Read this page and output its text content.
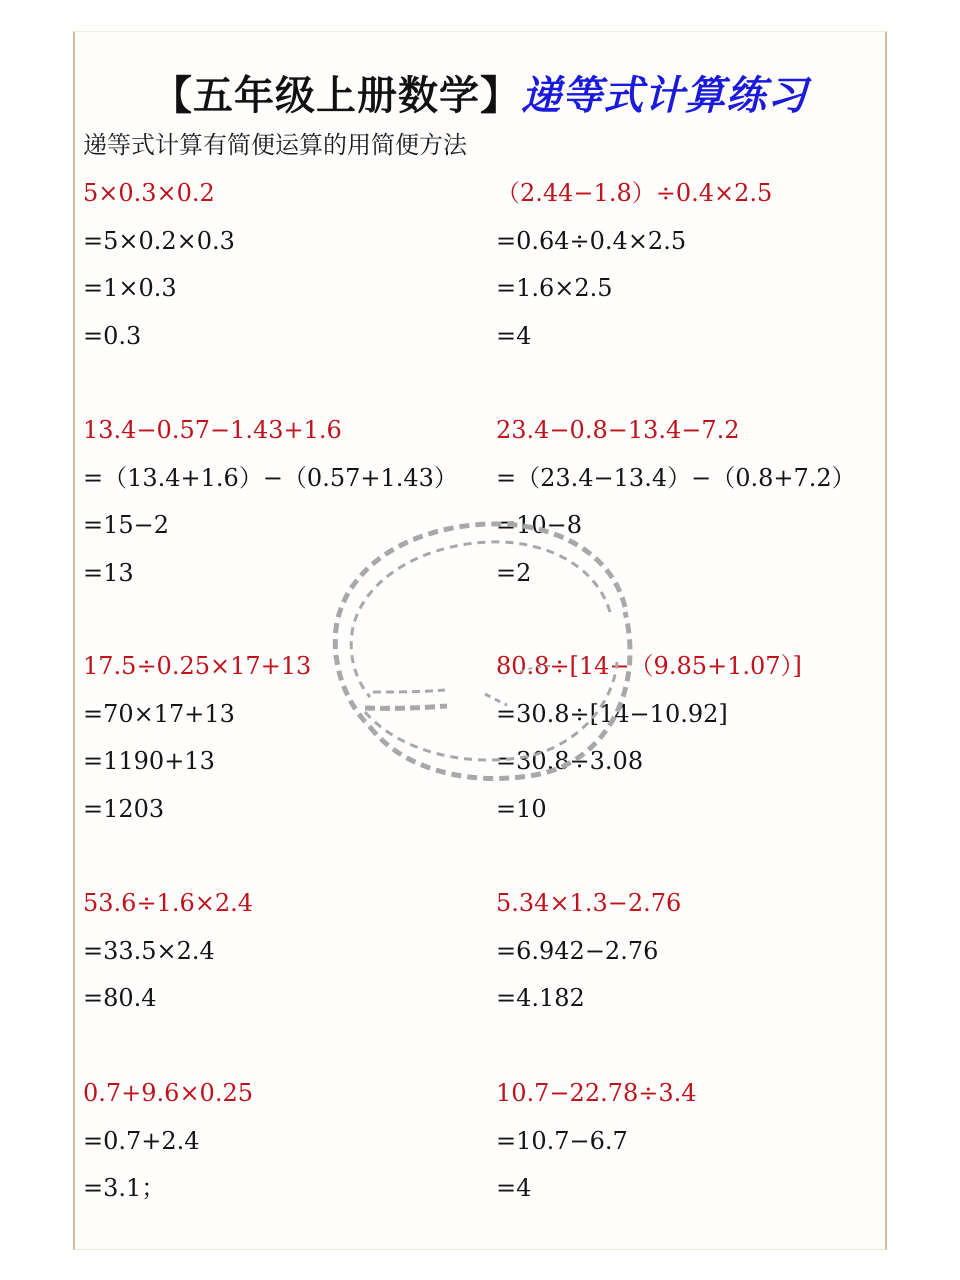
【五年级上册数学】递等式计算练习
递等式计算有简便运算的用简便方法
5×0.3×0.2
=5×0.2×0.3
=1×0.3
=0.3
（2.44−1.8）÷0.4×2.5
=0.64÷0.4×2.5
=1.6×2.5
=4
13.4−0.57−1.43+1.6
=（13.4+1.6）−（0.57+1.43）
=15−2
=13
23.4−0.8−13.4−7.2
=（23.4−13.4）−（0.8+7.2）
=10−8
=2
17.5÷0.25×17+13
=70×17+13
=1190+13
=1203
80.8÷[14−（9.85+1.07）]
=30.8÷[14−10.92]
=30.8÷3.08
=10
53.6÷1.6×2.4
=33.5×2.4
=80.4
5.34×1.3−2.76
=6.942−2.76
=4.182
0.7+9.6×0.25
=0.7+2.4
=3.1；
10.7−22.78÷3.4
=10.7−6.7
=4
